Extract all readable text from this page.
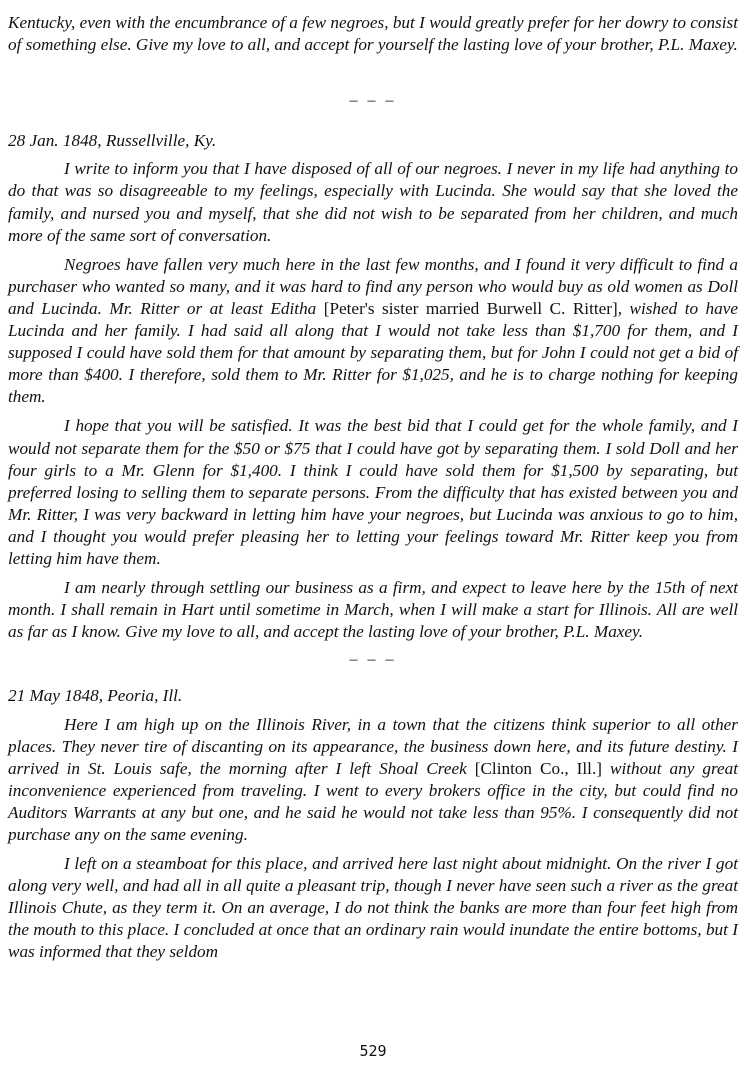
Kentucky, even with the encumbrance of a few negroes, but I would greatly prefer for her dowry to consist of something else. Give my love to all, and accept for yourself the lasting love of your brother, P.L. Maxey.

– – –

28 Jan. 1848, Russellville, Ky.

I write to inform you that I have disposed of all of our negroes. I never in my life had anything to do that was so disagreeable to my feelings, especially with Lucinda. She would say that she loved the family, and nursed you and myself, that she did not wish to be separated from her children, and much more of the same sort of conversation.

Negroes have fallen very much here in the last few months, and I found it very difficult to find a purchaser who wanted so many, and it was hard to find any person who would buy as old women as Doll and Lucinda. Mr. Ritter or at least Editha [Peter's sister married Burwell C. Ritter], wished to have Lucinda and her family. I had said all along that I would not take less than $1,700 for them, and I supposed I could have sold them for that amount by separating them, but for John I could not get a bid of more than $400. I therefore, sold them to Mr. Ritter for $1,025, and he is to charge nothing for keeping them.

I hope that you will be satisfied. It was the best bid that I could get for the whole family, and I would not separate them for the $50 or $75 that I could have got by separating them. I sold Doll and her four girls to a Mr. Glenn for $1,400. I think I could have sold them for $1,500 by separating, but preferred losing to selling them to separate persons. From the difficulty that has existed between you and Mr. Ritter, I was very backward in letting him have your negroes, but Lucinda was anxious to go to him, and I thought you would prefer pleasing her to letting your feelings toward Mr. Ritter keep you from letting him have them.

I am nearly through settling our business as a firm, and expect to leave here by the 15th of next month. I shall remain in Hart until sometime in March, when I will make a start for Illinois. All are well as far as I know. Give my love to all, and accept the lasting love of your brother, P.L. Maxey.

– – –

21 May 1848, Peoria, Ill.

Here I am high up on the Illinois River, in a town that the citizens think superior to all other places. They never tire of discanting on its appearance, the business down here, and its future destiny. I arrived in St. Louis safe, the morning after I left Shoal Creek [Clinton Co., Ill.] without any great inconvenience experienced from traveling. I went to every brokers office in the city, but could find no Auditors Warrants at any but one, and he said he would not take less than 95%. I consequently did not purchase any on the same evening.

I left on a steamboat for this place, and arrived here last night about midnight. On the river I got along very well, and had all in all quite a pleasant trip, though I never have seen such a river as the great Illinois Chute, as they term it. On an average, I do not think the banks are more than four feet high from the mouth to this place. I concluded at once that an ordinary rain would inundate the entire bottoms, but I was informed that they seldom

529
